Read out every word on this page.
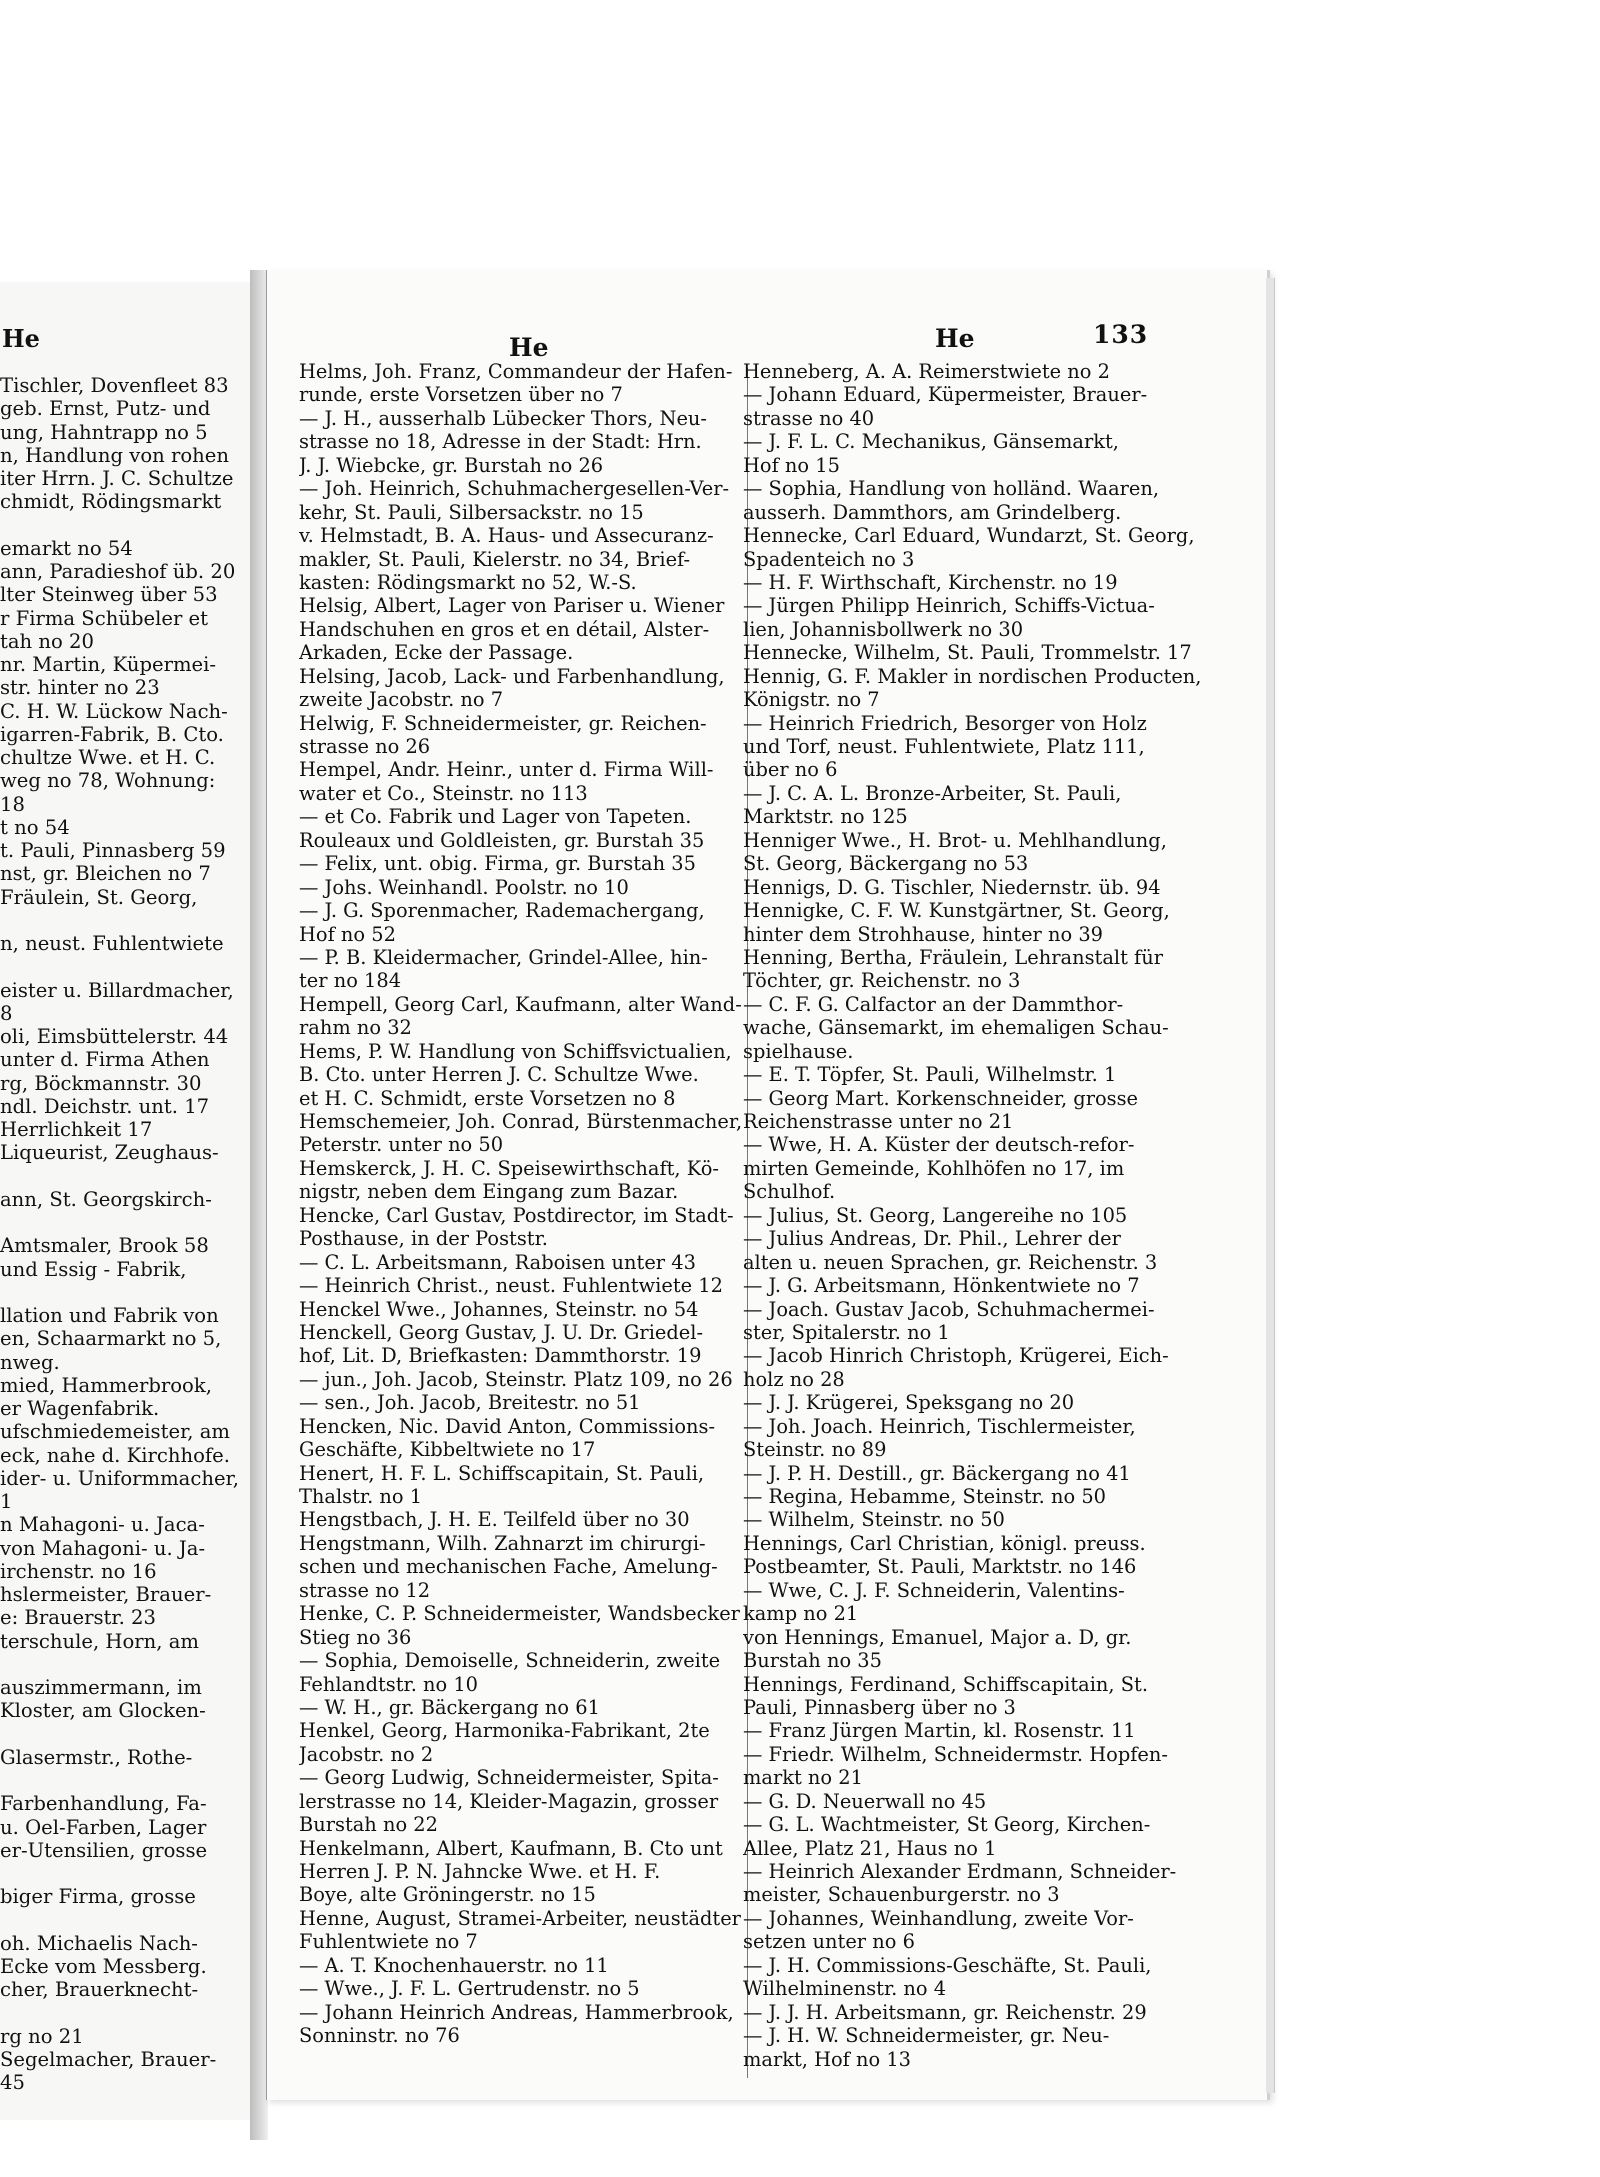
He
Tischler, Dovenfleet 83
geb. Ernst, Putz- und
ung, Hahntrapp no 5
n, Handlung von rohen
iter Hrrn. J. C. Schultze
chmidt, Rödingsmarkt
emarkt no 54
ann, Paradieshof üb. 20
lter Steinweg über 53
r Firma Schübeler et
tah no 20
nr. Martin, Küpermei-
str. hinter no 23
C. H. W. Lückow Nach-
igarren-Fabrik, B. Cto.
chultze Wwe. et H. C.
weg no 78, Wohnung:
18
t no 54
t. Pauli, Pinnasberg 59
nst, gr. Bleichen no 7
Fräulein, St. Georg,
n, neust. Fuhlentwiete
eister u. Billardmacher,
8
oli, Eimsbüttelerstr. 44
unter d. Firma Athen
rg, Böckmannstr. 30
ndl. Deichstr. unt. 17
Herrlichkeit 17
Liqueurist, Zeughaus-
ann, St. Georgskirch-
Amtsmaler, Brook 58
und Essig - Fabrik,
llation und Fabrik von
en, Schaarmarkt no 5,
nweg.
mied, Hammerbrook,
er Wagenfabrik.
ufschmiedemeister, am
eck, nahe d. Kirchhofe.
ider- u. Uniformmacher,
1
n Mahagoni- u. Jaca-
von Mahagoni- u. Ja-
irchenstr. no 16
hslermeister, Brauer-
e: Brauerstr. 23
terschule, Horn, am
auszimmermann, im
Kloster, am Glocken-
Glasermstr., Rothe-
Farbenhandlung, Fa-
u. Oel-Farben, Lager
er-Utensilien, grosse
biger Firma, grosse
oh. Michaelis Nach-
Ecke vom Messberg.
cher, Brauerknecht-
rg no 21
Segelmacher, Brauer-
45
He	He	133
Helms, Joh. Franz, Commandeur der Hafen-
runde, erste Vorsetzen über no 7
— J. H., ausserhalb Lübecker Thors, Neu-
strasse no 18, Adresse in der Stadt: Hrn.
J. J. Wiebcke, gr. Burstah no 26
— Joh. Heinrich, Schuhmachergesellen-Ver-
kehr, St. Pauli, Silbersackstr. no 15
v. Helmstadt, B. A. Haus- und Assecuranz-
makler, St. Pauli, Kielerstr. no 34, Brief-
kasten: Rödingsmarkt no 52, W.-S.
Helsig, Albert, Lager von Pariser u. Wiener
Handschuhen en gros et en détail, Alster-
Arkaden, Ecke der Passage.
Helsing, Jacob, Lack- und Farbenhandlung,
zweite Jacobstr. no 7
Helwig, F. Schneidermeister, gr. Reichen-
strasse no 26
Hempel, Andr. Heinr., unter d. Firma Will-
water et Co., Steinstr. no 113
— et Co. Fabrik und Lager von Tapeten.
Rouleaux und Goldleisten, gr. Burstah 35
— Felix, unt. obig. Firma, gr. Burstah 35
— Johs. Weinhandl. Poolstr. no 10
— J. G. Sporenmacher, Rademachergang,
Hof no 52
— P. B. Kleidermacher, Grindel-Allee, hin-
ter no 184
Hempell, Georg Carl, Kaufmann, alter Wand-
rahm no 32
Hems, P. W. Handlung von Schiffsvictualien,
B. Cto. unter Herren J. C. Schultze Wwe.
et H. C. Schmidt, erste Vorsetzen no 8
Hemschemeier, Joh. Conrad, Bürstenmacher,
Peterstr. unter no 50
Hemskerck, J. H. C. Speisewirthschaft, Kö-
nigstr, neben dem Eingang zum Bazar.
Hencke, Carl Gustav, Postdirector, im Stadt-
Posthause, in der Poststr.
— C. L. Arbeitsmann, Raboisen unter 43
— Heinrich Christ., neust. Fuhlentwiete 12
Henckel Wwe., Johannes, Steinstr. no 54
Henckell, Georg Gustav, J. U. Dr. Griedel-
hof, Lit. D, Briefkasten: Dammthorstr. 19
— jun., Joh. Jacob, Steinstr. Platz 109, no 26
— sen., Joh. Jacob, Breitestr. no 51
Hencken, Nic. David Anton, Commissions-
Geschäfte, Kibbeltwiete no 17
Henert, H. F. L. Schiffscapitain, St. Pauli,
Thalstr. no 1
Hengstbach, J. H. E. Teilfeld über no 30
Hengstmann, Wilh. Zahnarzt im chirurgi-
schen und mechanischen Fache, Amelung-
strasse no 12
Henke, C. P. Schneidermeister, Wandsbecker
Stieg no 36
— Sophia, Demoiselle, Schneiderin, zweite
Fehlandtstr. no 10
— W. H., gr. Bäckergang no 61
Henkel, Georg, Harmonika-Fabrikant, 2te
Jacobstr. no 2
— Georg Ludwig, Schneidermeister, Spita-
lerstrasse no 14, Kleider-Magazin, grosser
Burstah no 22
Henkelmann, Albert, Kaufmann, B. Cto unt
Herren J. P. N. Jahncke Wwe. et H. F.
Boye, alte Gröningerstr. no 15
Henne, August, Stramei-Arbeiter, neustädter
Fuhlentwiete no 7
— A. T. Knochenhauerstr. no 11
— Wwe., J. F. L. Gertrudenstr. no 5
— Johann Heinrich Andreas, Hammerbrook,
Sonninstr. no 76
Henneberg, A. A. Reimerstwiete no 2
— Johann Eduard, Küpermeister, Brauer-
strasse no 40
— J. F. L. C. Mechanikus, Gänsemarkt,
Hof no 15
— Sophia, Handlung von holländ. Waaren,
ausserh. Dammthors, am Grindelberg.
Hennecke, Carl Eduard, Wundarzt, St. Georg,
Spadenteich no 3
— H. F. Wirthschaft, Kirchenstr. no 19
— Jürgen Philipp Heinrich, Schiffs-Victua-
lien, Johannisbollwerk no 30
Hennecke, Wilhelm, St. Pauli, Trommelstr. 17
Hennig, G. F. Makler in nordischen Producten,
Königstr. no 7
— Heinrich Friedrich, Besorger von Holz
und Torf, neust. Fuhlentwiete, Platz 111,
über no 6
— J. C. A. L. Bronze-Arbeiter, St. Pauli,
Marktstr. no 125
Henniger Wwe., H. Brot- u. Mehlhandlung,
St. Georg, Bäckergang no 53
Hennigs, D. G. Tischler, Niedernstr. üb. 94
Hennigke, C. F. W. Kunstgärtner, St. Georg,
hinter dem Strohhause, hinter no 39
Henning, Bertha, Fräulein, Lehranstalt für
Töchter, gr. Reichenstr. no 3
— C. F. G. Calfactor an der Dammthor-
wache, Gänsemarkt, im ehemaligen Schau-
spielhause.
— E. T. Töpfer, St. Pauli, Wilhelmstr. 1
— Georg Mart. Korkenschneider, grosse
Reichenstrasse unter no 21
— Wwe, H. A. Küster der deutsch-refor-
mirten Gemeinde, Kohlhöfen no 17, im
Schulhof.
— Julius, St. Georg, Langereihe no 105
— Julius Andreas, Dr. Phil., Lehrer der
alten u. neuen Sprachen, gr. Reichenstr. 3
— J. G. Arbeitsmann, Hönkentwiete no 7
— Joach. Gustav Jacob, Schuhmachermei-
ster, Spitalerstr. no 1
— Jacob Hinrich Christoph, Krügerei, Eich-
holz no 28
— J. J. Krügerei, Speksgang no 20
— Joh. Joach. Heinrich, Tischlermeister,
Steinstr. no 89
— J. P. H. Destill., gr. Bäckergang no 41
— Regina, Hebamme, Steinstr. no 50
— Wilhelm, Steinstr. no 50
Hennings, Carl Christian, königl. preuss.
Postbeamter, St. Pauli, Marktstr. no 146
— Wwe, C. J. F. Schneiderin, Valentins-
kamp no 21
von Hennings, Emanuel, Major a. D, gr.
Burstah no 35
Hennings, Ferdinand, Schiffscapitain, St.
Pauli, Pinnasberg über no 3
— Franz Jürgen Martin, kl. Rosenstr. 11
— Friedr. Wilhelm, Schneidermstr. Hopfen-
markt no 21
— G. D. Neuerwall no 45
— G. L. Wachtmeister, St Georg, Kirchen-
Allee, Platz 21, Haus no 1
— Heinrich Alexander Erdmann, Schneider-
meister, Schauenburgerstr. no 3
— Johannes, Weinhandlung, zweite Vor-
setzen unter no 6
— J. H. Commissions-Geschäfte, St. Pauli,
Wilhelminenstr. no 4
— J. J. H. Arbeitsmann, gr. Reichenstr. 29
— J. H. W. Schneidermeister, gr. Neu-
markt, Hof no 13
